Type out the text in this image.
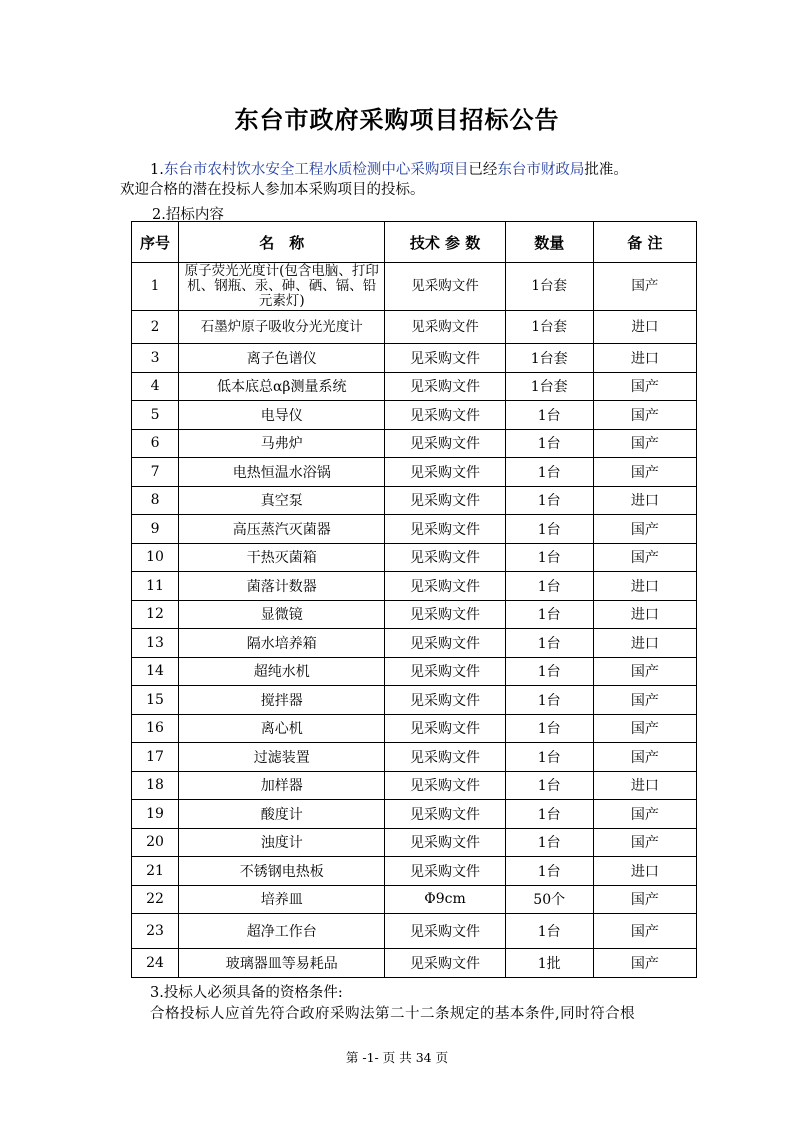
东台市政府采购项目招标公告
1.东台市农村饮水安全工程水质检测中心采购项目已经东台市财政局批准。
欢迎合格的潜在投标人参加本采购项目的投标。
2.招标内容
序号	名　称	技术 参 数	数量	备 注
1	原子荧光光度计(包含电脑、打印机、钢瓶、汞、砷、硒、镉、铅元素灯)	见采购文件	1台套	国产
2	石墨炉原子吸收分光光度计	见采购文件	1台套	进口
3	离子色谱仪	见采购文件	1台套	进口
4	低本底总αβ测量系统	见采购文件	1台套	国产
5	电导仪	见采购文件	1台	国产
6	马弗炉	见采购文件	1台	国产
7	电热恒温水浴锅	见采购文件	1台	国产
8	真空泵	见采购文件	1台	进口
9	高压蒸汽灭菌器	见采购文件	1台	国产
10	干热灭菌箱	见采购文件	1台	国产
11	菌落计数器	见采购文件	1台	进口
12	显微镜	见采购文件	1台	进口
13	隔水培养箱	见采购文件	1台	进口
14	超纯水机	见采购文件	1台	国产
15	搅拌器	见采购文件	1台	国产
16	离心机	见采购文件	1台	国产
17	过滤装置	见采购文件	1台	国产
18	加样器	见采购文件	1台	进口
19	酸度计	见采购文件	1台	国产
20	浊度计	见采购文件	1台	国产
21	不锈钢电热板	见采购文件	1台	进口
22	培养皿	Φ9cm	50个	国产
23	超净工作台	见采购文件	1台	国产
24	玻璃器皿等易耗品	见采购文件	1批	国产
3.投标人必须具备的资格条件:
合格投标人应首先符合政府采购法第二十二条规定的基本条件,同时符合根
第 -1- 页 共 34 页
